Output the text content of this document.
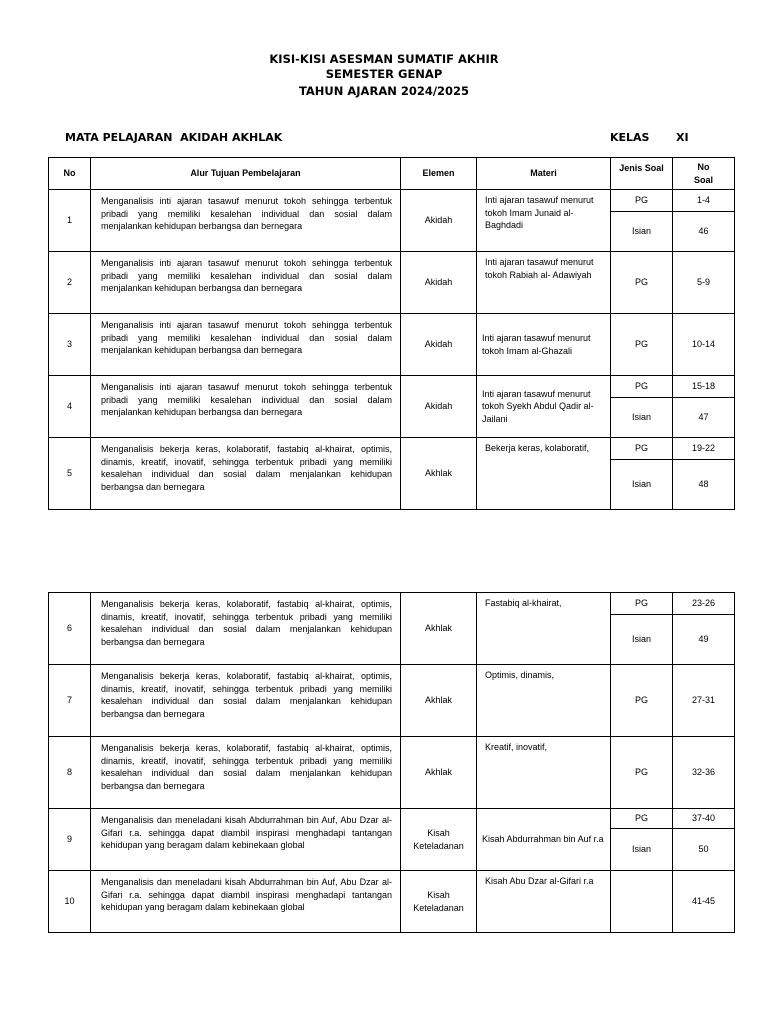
KISI-KISI ASESMAN SUMATIF AKHIR
SEMESTER GENAP
TAHUN AJARAN 2024/2025
MATA PELAJARAN  AKIDAH AKHLAK	KELAS XI
No	Alur Tujuan Pembelajaran	Elemen	Materi	Jenis Soal	No
Soal

1	Menganalisis inti ajaran tasawuf menurut tokoh sehingga terbentuk pribadi yang memiliki kesalehan individual dan sosial dalam menjalankan kehidupan berbangsa dan bernegara	Akidah	Inti ajaran tasawuf menurut tokoh Imam Junaid al-Baghdadi	PG	1-4
				Isian	46
2	Menganalisis inti ajaran tasawuf menurut tokoh sehingga terbentuk pribadi yang memiliki kesalehan individual dan sosial dalam menjalankan kehidupan berbangsa dan bernegara	Akidah	Inti ajaran tasawuf menurut tokoh Rabiah al- Adawiyah	PG	5-9
3	Menganalisis inti ajaran tasawuf menurut tokoh sehingga terbentuk pribadi yang memiliki kesalehan individual dan sosial dalam menjalankan kehidupan berbangsa dan bernegara	Akidah	Inti ajaran tasawuf menurut tokoh Imam al-Ghazali	PG	10-14
4	Menganalisis inti ajaran tasawuf menurut tokoh sehingga terbentuk pribadi yang memiliki kesalehan individual dan sosial dalam menjalankan kehidupan berbangsa dan bernegara	Akidah	Inti ajaran tasawuf menurut tokoh Syekh Abdul Qadir al-Jailani	PG	15-18
				Isian	47
5	Menganalisis bekerja keras, kolaboratif, fastabiq al-khairat, optimis, dinamis, kreatif, inovatif, sehingga terbentuk pribadi yang memiliki kesalehan individual dan sosial dalam menjalankan kehidupan berbangsa dan bernegara	Akhlak	Bekerja keras, kolaboratif,	PG	19-22
				Isian	48
6	Menganalisis bekerja keras, kolaboratif, fastabiq al-khairat, optimis, dinamis, kreatif, inovatif, sehingga terbentuk pribadi yang memiliki kesalehan individual dan sosial dalam menjalankan kehidupan berbangsa dan bernegara	Akhlak	Fastabiq al-khairat,	PG	23-26
				Isian	49
7	Menganalisis bekerja keras, kolaboratif, fastabiq al-khairat, optimis, dinamis, kreatif, inovatif, sehingga terbentuk pribadi yang memiliki kesalehan individual dan sosial dalam menjalankan kehidupan berbangsa dan bernegara	Akhlak	Optimis, dinamis,	PG	27-31
8	Menganalisis bekerja keras, kolaboratif, fastabiq al-khairat, optimis, dinamis, kreatif, inovatif, sehingga terbentuk pribadi yang memiliki kesalehan individual dan sosial dalam menjalankan kehidupan berbangsa dan bernegara	Akhlak	Kreatif, inovatif,	PG	32-36
9	Menganalisis dan meneladani kisah Abdurrahman bin Auf, Abu Dzar al- Gifari r.a. sehingga dapat diambil inspirasi menghadapi tantangan kehidupan yang beragam dalam kebinekaan global	Kisah Keteladanan	Kisah Abdurrahman bin Auf r.a	PG	37-40
				Isian	50
10	Menganalisis dan meneladani kisah Abdurrahman bin Auf, Abu Dzar al- Gifari r.a. sehingga dapat diambil inspirasi menghadapi tantangan kehidupan yang beragam dalam kebinekaan global	Kisah Keteladanan	Kisah Abu Dzar al-Gifari r.a		41-45
